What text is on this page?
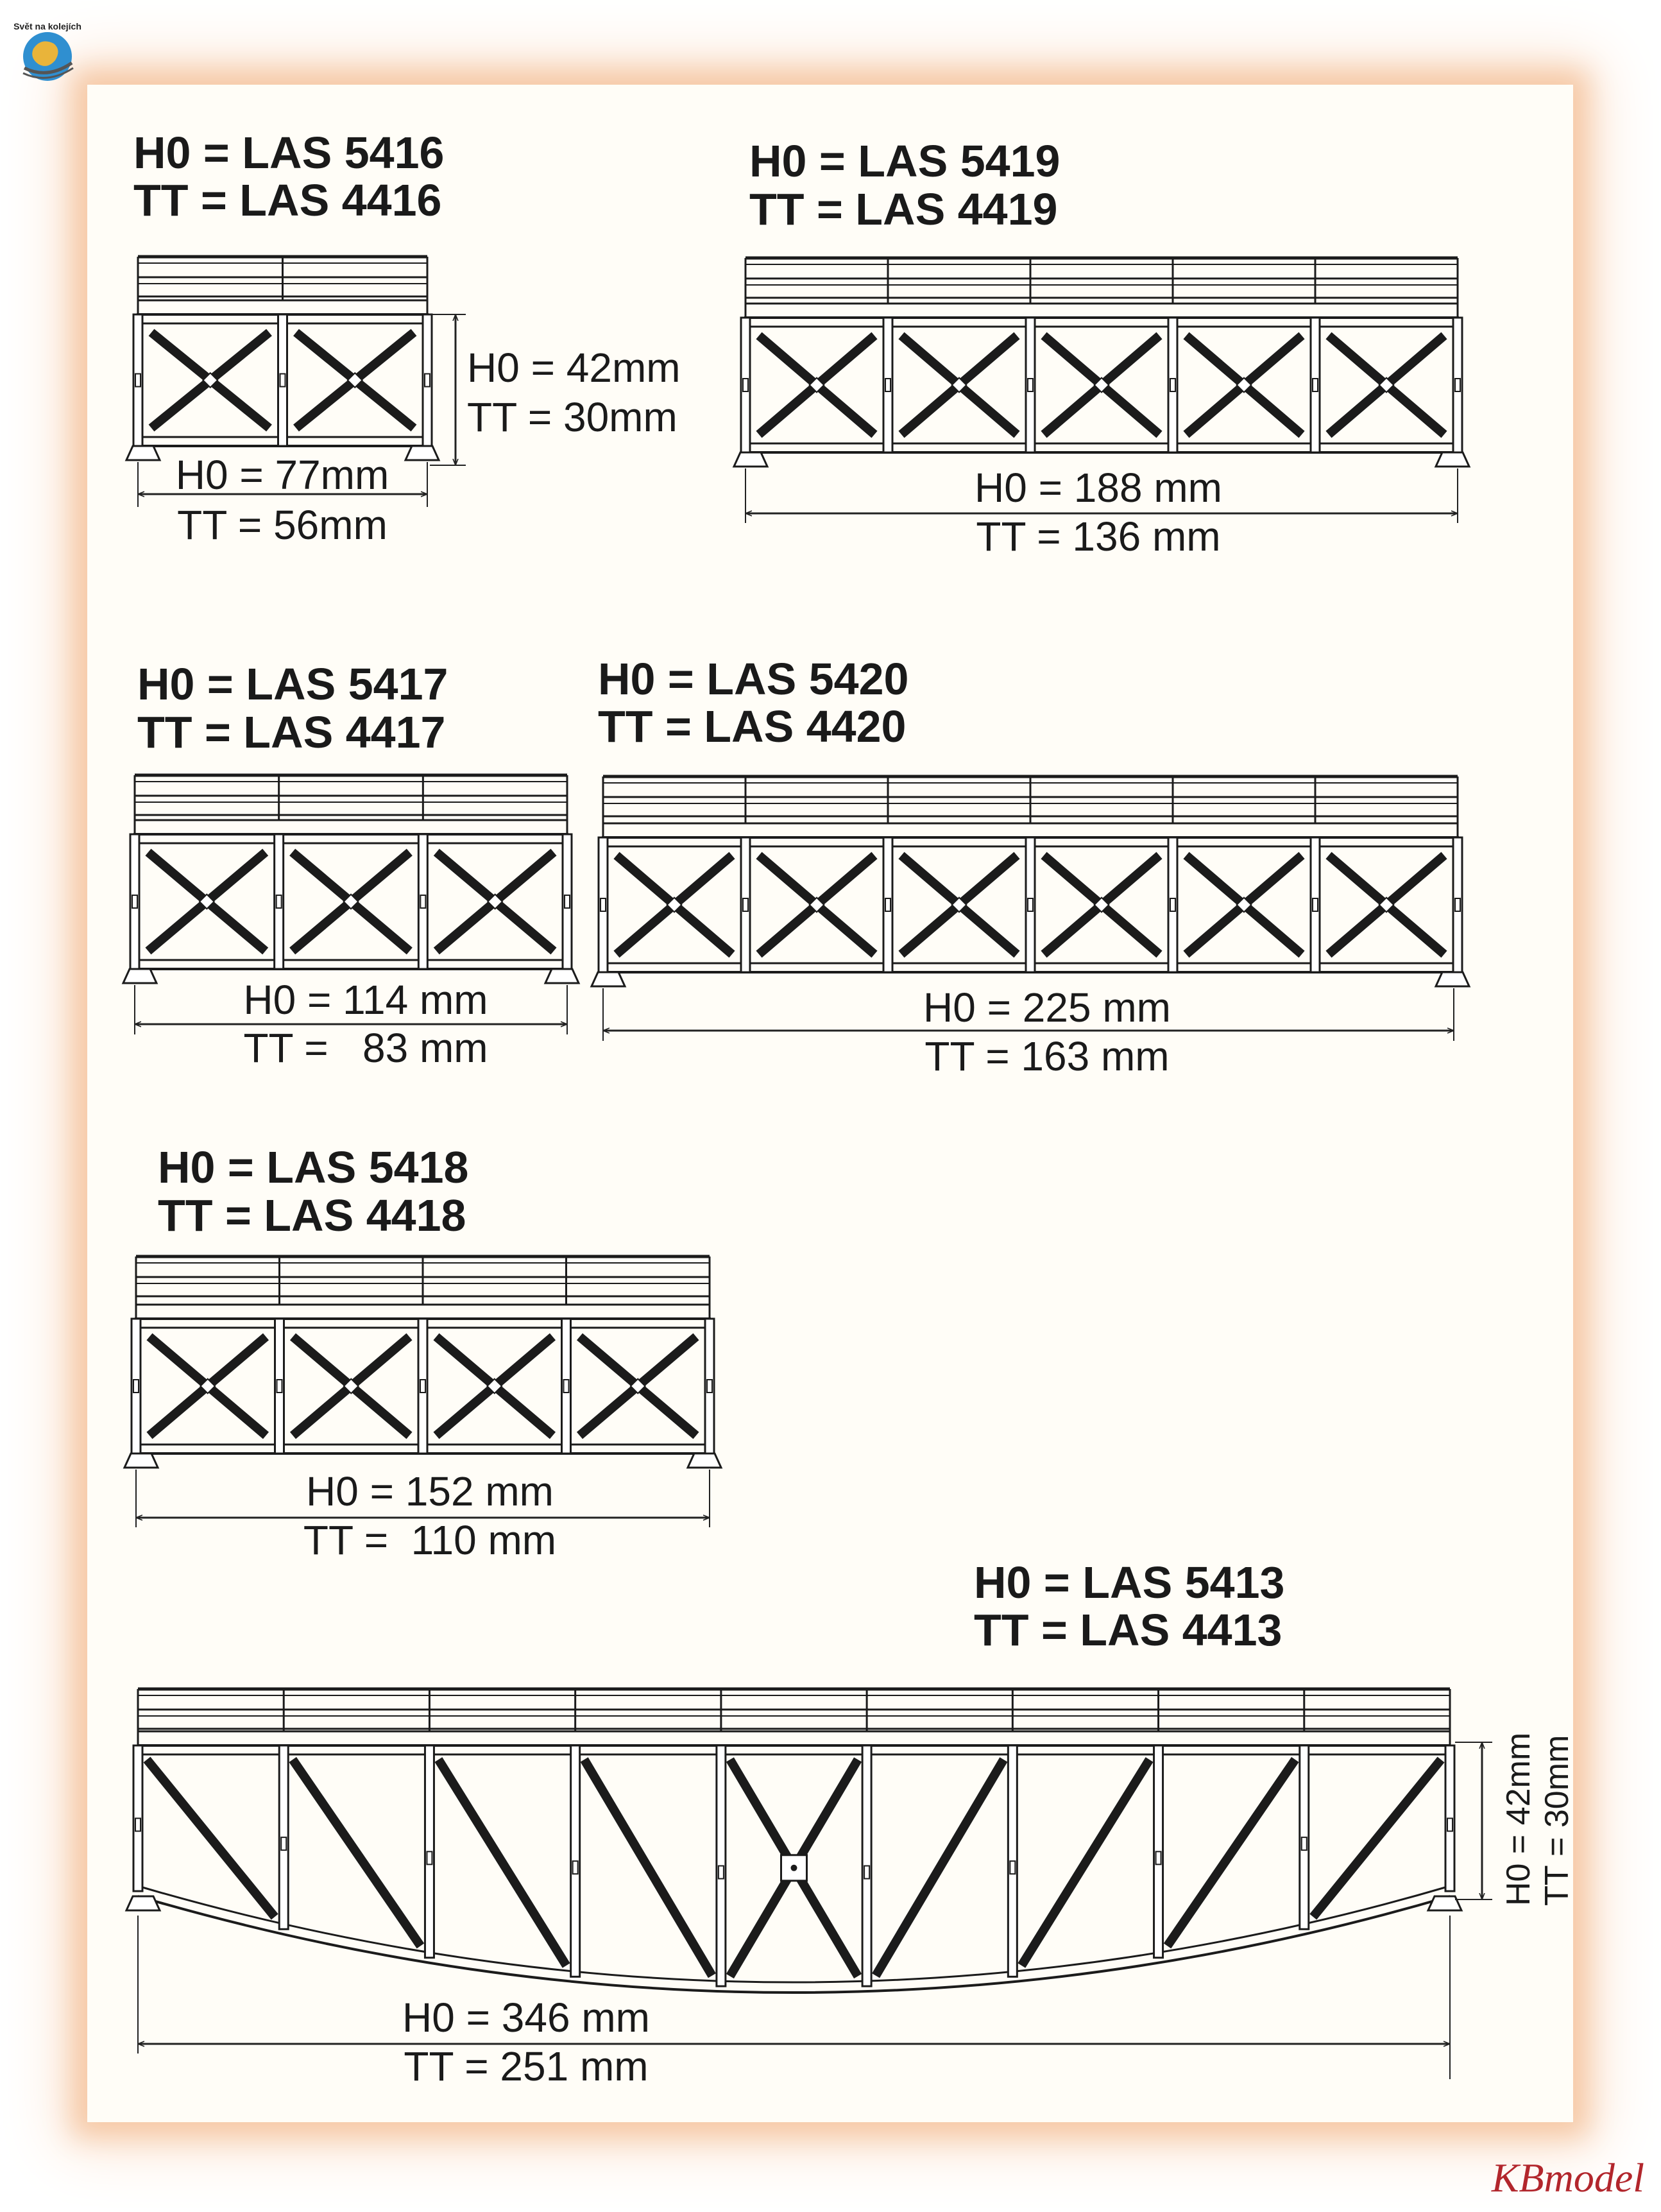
Svět na kolejích
H0 = LAS 5416
TT = LAS 4416
H0 = 77mm
TT = 56mm
H0 = 42mm
TT = 30mm
H0 = LAS 5419
TT = LAS 4419
H0 = 188 mm
TT = 136 mm
H0 = LAS 5417
TT = LAS 4417
H0 = 114 mm
TT =   83 mm
H0 = LAS 5420
TT = LAS 4420
H0 = 225 mm
TT = 163 mm
H0 = LAS 5418
TT = LAS 4418
H0 = 152 mm
TT =  110 mm
H0 = LAS 5413
TT = LAS 4413
H0 = 346 mm
TT = 251 mm
H0 = 42mm TT = 30mm
KBmodel
